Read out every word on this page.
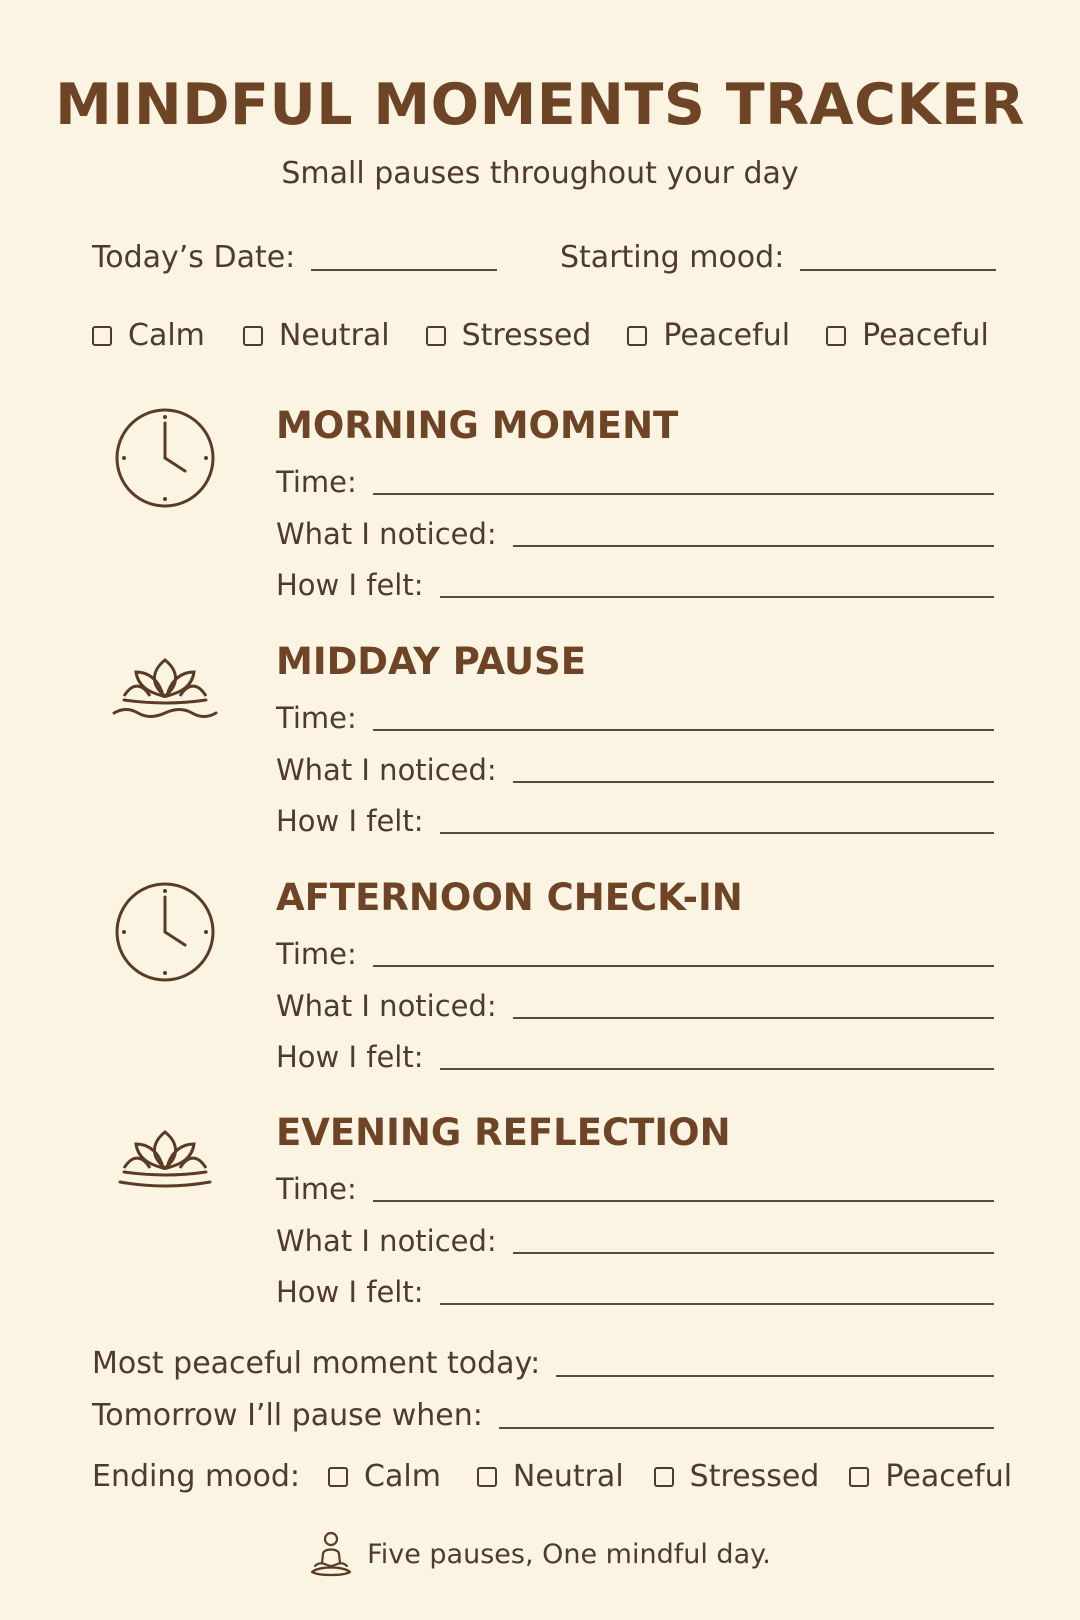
MINDFUL MOMENTS TRACKER
Small pauses throughout your day
Today’s Date:	Starting mood:
Calm Neutral Stressed Peaceful Peaceful
MORNING MOMENT
Time:
What I noticed:
How I felt:
MIDDAY PAUSE
Time:
What I noticed:
How I felt:
AFTERNOON CHECK-IN
Time:
What I noticed:
How I felt:
EVENING REFLECTION
Time:
What I noticed:
How I felt:
Most peaceful moment today:
Tomorrow I’ll pause when:
Ending mood: Calm Neutral Stressed Peaceful
Five pauses, One mindful day.
